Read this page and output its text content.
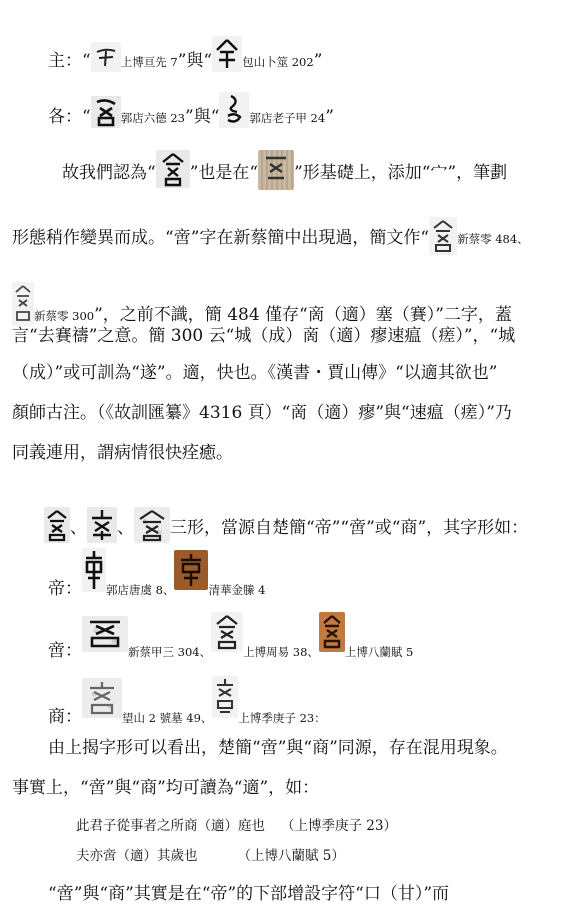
主：“	上博亘先 7”與“	包山卜筮 202”
各：“	郭店六德 23”與“	郭店老子甲 24”
故我們認為“ ”也是在“ ”形基礎上，添加“宀”，筆劃
形態稍作變異而成。“啻”字在新蔡簡中出現過，簡文作“ 新蔡零 484、
新蔡零 300”，之前不識，簡 484 僅存“啇（適）塞（賽）”二字，蓋
言“去賽禱”之意。簡 300 云“城（成）啇（適）瘳速瘟（瘥）”，“城
（成）”或可訓為“遂”。適，快也。《漢書・賈山傳》“以適其欲也”
顏師古注。（《故訓匯纂》4316 頁）“啇（適）瘳”與“速瘟（瘥）”乃
同義連用，謂病情很快痊癒。
、 、 三形，當源自楚簡“帝”“啻”或“商”，其字形如：
帝： $_{郭店唐虞 8、}$	$_{清華金縢 4}$
啻：	$_{新蔡甲三 304、}$	$_{上博周易 38、}$ $_{上博八蘭賦 5}$
商：	$_{望山 2 號墓 49、}$ $_{上博季庚子 23:}$
由上揭字形可以看出，楚簡“啻”與“商”同源，存在混用現象。
事實上，“啻”與“商”均可讀為“適”，如：
此君子從事者之所商（適）庭也 （上博季庚子 23）
夫亦啻（適）其歲也	（上博八蘭賦 5）
“啻”與“商”其實是在“帝”的下部增設字符“口（甘）”而
